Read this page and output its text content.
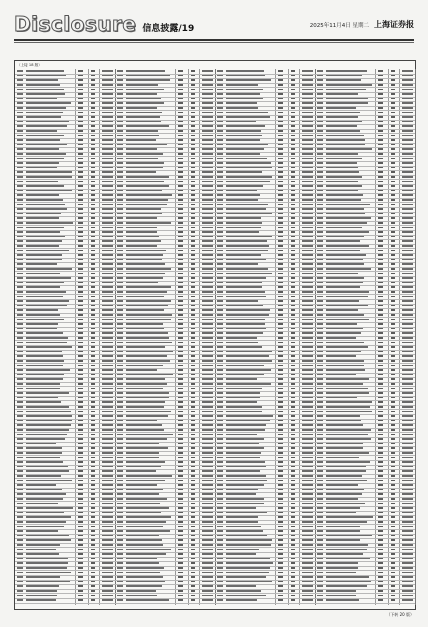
Disclosure 信息披露/19	2025年11月4日 星期二 上海证券报
（上接 18 版）
（下转 20 版）
